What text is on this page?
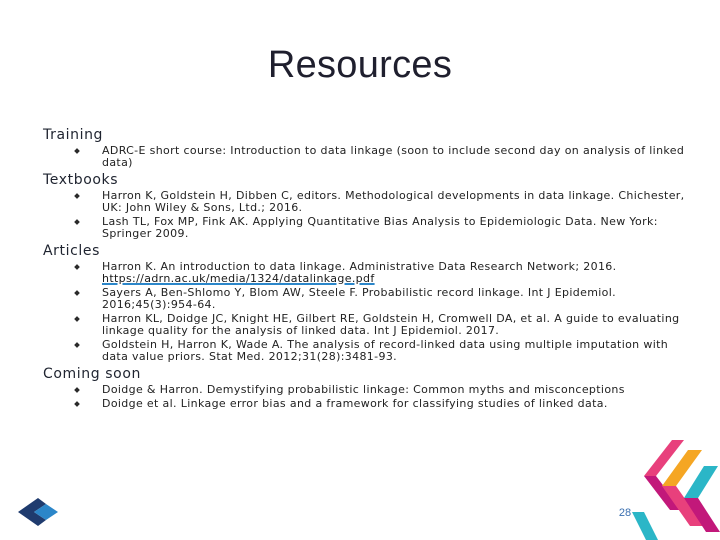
Resources
Training
ADRC-E short course: Introduction to data linkage (soon to include second day on analysis of linked data)
Textbooks
Harron K, Goldstein H, Dibben C, editors. Methodological developments in data linkage. Chichester, UK: John Wiley & Sons, Ltd.; 2016.
Lash TL, Fox MP, Fink AK. Applying Quantitative Bias Analysis to Epidemiologic Data. New York: Springer 2009.
Articles
Harron K. An introduction to data linkage. Administrative Data Research Network; 2016. https://adrn.ac.uk/media/1324/datalinkage.pdf
Sayers A, Ben-Shlomo Y, Blom AW, Steele F. Probabilistic record linkage. Int J Epidemiol. 2016;45(3):954-64.
Harron KL, Doidge JC, Knight HE, Gilbert RE, Goldstein H, Cromwell DA, et al. A guide to evaluating linkage quality for the analysis of linked data. Int J Epidemiol. 2017.
Goldstein H, Harron K, Wade A. The analysis of record-linked data using multiple imputation with data value priors. Stat Med. 2012;31(28):3481-93.
Coming soon
Doidge & Harron. Demystifying probabilistic linkage: Common myths and misconceptions
Doidge et al. Linkage error bias and a framework for classifying studies of linked data.
28
